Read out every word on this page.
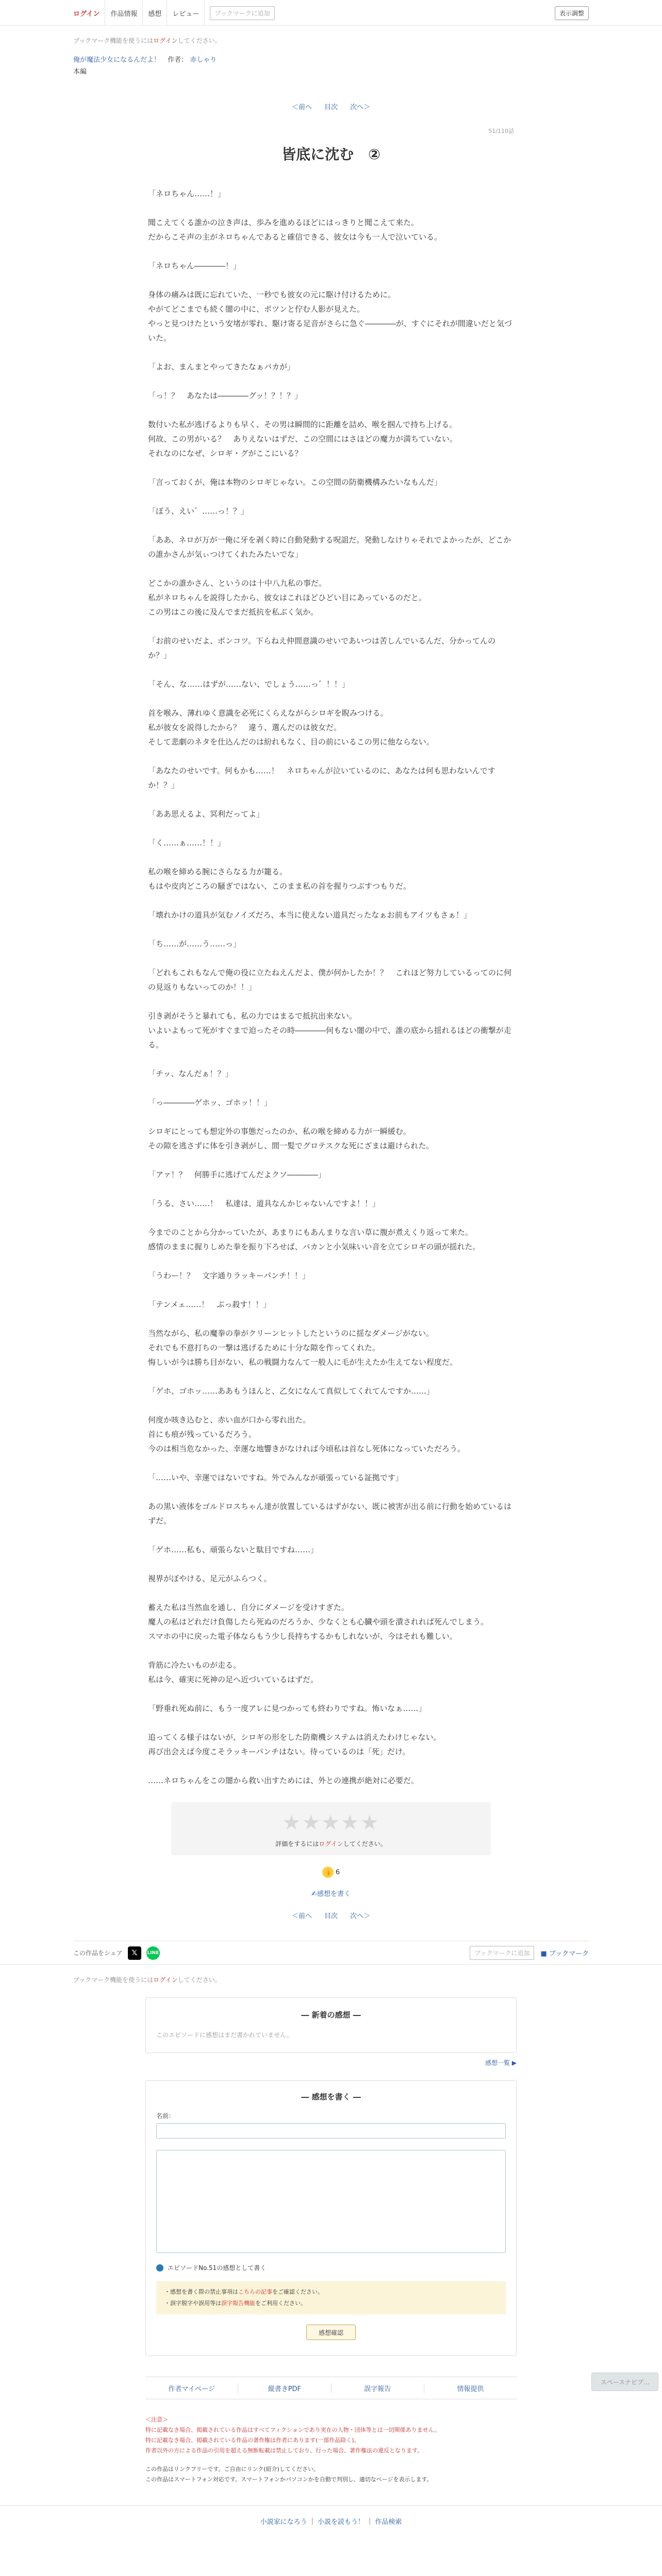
ログイン	作品情報	感想	レビュー	ブックマークに追加	表示調整
ブックマーク機能を使うにはログインしてください。
俺が魔法少女になるんだよ！ 作者： 赤しゃり
本編
＜前へ 目次 次へ＞
51/110話
皆底に沈む　②

「ネロちゃん……！」

聞こえてくる誰かの泣き声は、歩みを進めるほどにはっきりと聞こえて来た。
だからこそ声の主がネロちゃんであると確信できる、彼女は今も一人で泣いている。

「ネロちゃん――――！」

身体の痛みは既に忘れていた、一秒でも彼女の元に駆け付けるために。
やがてどこまでも続く闇の中に、ポツンと佇む人影が見えた。
やっと見つけたという安堵が零れ、駆け寄る足音がさらに急ぐ――――が、すぐにそれが間違いだと気づいた。

「よお、まんまとやってきたなぁバカが」

「っ！？　あなたは――――グッ！？！？」

数付いた私が逃げるよりも早く、その男は瞬間的に距離を詰め、喉を掴んで持ち上げる。
何故、この男がいる？　ありえないはずだ、この空間にはさほどの魔力が満ちていない。
それなのになぜ、シロギ・グがここにいる？

「言っておくが、俺は本物のシロギじゃない。この空間の防衛機構みたいなもんだ」

「ぼう、えい゛……っ！？」

「ああ、ネロが万が一俺に牙を剥く時に自動発動する呪詛だ。発動しなけりゃそれでよかったが、どこかの誰かさんが気ぃつけてくれたみたいでな」

どこかの誰かさん、というのは十中八九私の事だ。
私がネロちゃんを説得したから、彼女はこれほどひどい目にあっているのだと。
この男はこの後に及んでまだ抵抗を私ぶく気か。

「お前のせいだよ、ポンコツ。下らねえ仲間意識のせいであいつは苦しんでいるんだ、分かってんのか？」

「そん、な……はずが……ない、でしょう……っ゛！！」

首を喉み、薄れゆく意識を必死にくらえながらシロギを睨みつける。
私が彼女を説得したから？　違う、選んだのは彼女だ。
そして悲劇のネタを仕込んだのは紛れもなく、目の前にいるこの男に他ならない。

「あなたのせいです。何もかも……！　ネロちゃんが泣いているのに、あなたは何も思わないんですか！？」

「ああ思えるよ、冥利だってよ」

「く……ぁ……！！」

私の喉を締める腕にさらなる力が籠る。
もはや皮肉どころの騒ぎではない、このまま私の首を握りつぶすつもりだ。

「壊れかけの道具が気むノイズだろ、本当に使えない道具だったなぁお前もアイツもさぁ！」

「ち……が……う……っ」

「どれもこれもなんで俺の役に立たねえんだよ、僕が何かしたか！？　これほど努力しているってのに何の見返りもないってのか！！」

引き剥がそうと暴れても、私の力ではまるで抵抗出来ない。
いよいよもって死がすぐまで迫ったその時――――何もない闇の中で、誰の底から揺れるほどの衝撃が走る。

「チッ、なんだぁ！？」

「っ――――ゲホッ、ゴホッ！！」

シロギにとっても想定外の事態だったのか、私の喉を締める力が一瞬緩む。
その隙を逃さずに体を引き剥がし、間一髪でグロテスクな死にざまは避けられた。

「アァ！？　何勝手に逃げてんだよクソ――――」

「うる、さい……！　私達は、道具なんかじゃないんですよ！！」

今までのことから分かっていたが、あまりにもあんまりな言い草に腹が煮えくり返って来た。
感情のままに握りしめた拳を振り下ろせば、バカンと小気味いい音を立てシロギの頭が揺れた。

「うわー！？　文字通りラッキーパンチ！！」

「テンメェ……！　ぶっ殺す！！」

当然ながら、私の魔拳の拳がクリーンヒットしたというのに揺なダメージがない。
それでも不意打ちの一撃は逃げるために十分な隙を作ってくれた。
悔しいが今は勝ち目がない、私の戦闘力なんて一般人に毛が生えたか生えてない程度だ。

「ゲホ、ゴホッ……ああもうほんと、乙女になんて真似してくれてんですか……」

何度か咳き込むと、赤い血が口から零れ出た。
首にも痕が残っているだろう。
今のは相当危なかった、幸運な地響きがなければ今頃私は首なし死体になっていただろう。

「……いや、幸運ではないですね。外でみんなが頑張っている証拠です」

あの黒い液体をゴルドロスちゃん達が放置しているはずがない、既に被害が出る前に行動を始めているはずだ。

「ゲホ……私も、頑張らないと駄目ですね……」

視界がぼやける、足元がふらつく。

蓄えた私は当然血を通し、自分にダメージを受けすぎた。
魔人の私はどれだけ負傷したら死ぬのだろうか、少なくとも心臓や頭を潰されれば死んでしまう。
スマホの中に戻った電子体ならもう少し長持ちするかもしれないが、今はそれも難しい。

背筋に冷たいものが走る。
私は今、確実に死神の足へ近づいているはずだ。

「野垂れ死ぬ前に、もう一度アレに見つかっても終わりですね。怖いなぁ……」

追ってくる様子はないが、シロギの形をした防衛機システムは消えたわけじゃない。
再び出会えば今度こそラッキーパンチはない。待っているのは「死」だけ。

……ネロちゃんをこの闇から救い出すためには、外との連携が絶対に必要だ。

スペースナビプ...
★★★★★
評価をするにはログインしてください。
👍 6
✍感想を書く
＜前へ 目次 次へ＞
この作品をシェア	𝕏	LINE	ブックマークに追加	■ ブックマーク
ブックマーク機能を使うにはログインしてください。
― 新着の感想 ―
このエピソードに感想はまだ書かれていません。
感想一覧 ▶
― 感想を書く ―
名前：
エピソードNo.51の感想として書く
・感想を書く際の禁止事項はこちらの記事をご確認ください。
・誤字脱字や誤用等は誤字報告機能をご利用ください。
感想確認
作者マイページ	縦書きPDF	誤字報告	情報提供

＜注意＞

特に記載なき場合、掲載されている作品はすべてフィクションであり実在の人物・団体等とは一切関係ありません。

特に記載なき場合、掲載されている作品の著作権は作者にあります(一部作品除く)。

作者以外の方による作品の引用を超える無断転載は禁止しており、行った場合、著作権法の違反となります。

この作品はリンクフリーです。ご自由にリンク(紹介)してください。

この作品はスマートフォン対応です。スマートフォンかパソコンかを自動で判別し、適切なページを表示します。

小説家になろう | 小説を読もう！ | 作品検索
